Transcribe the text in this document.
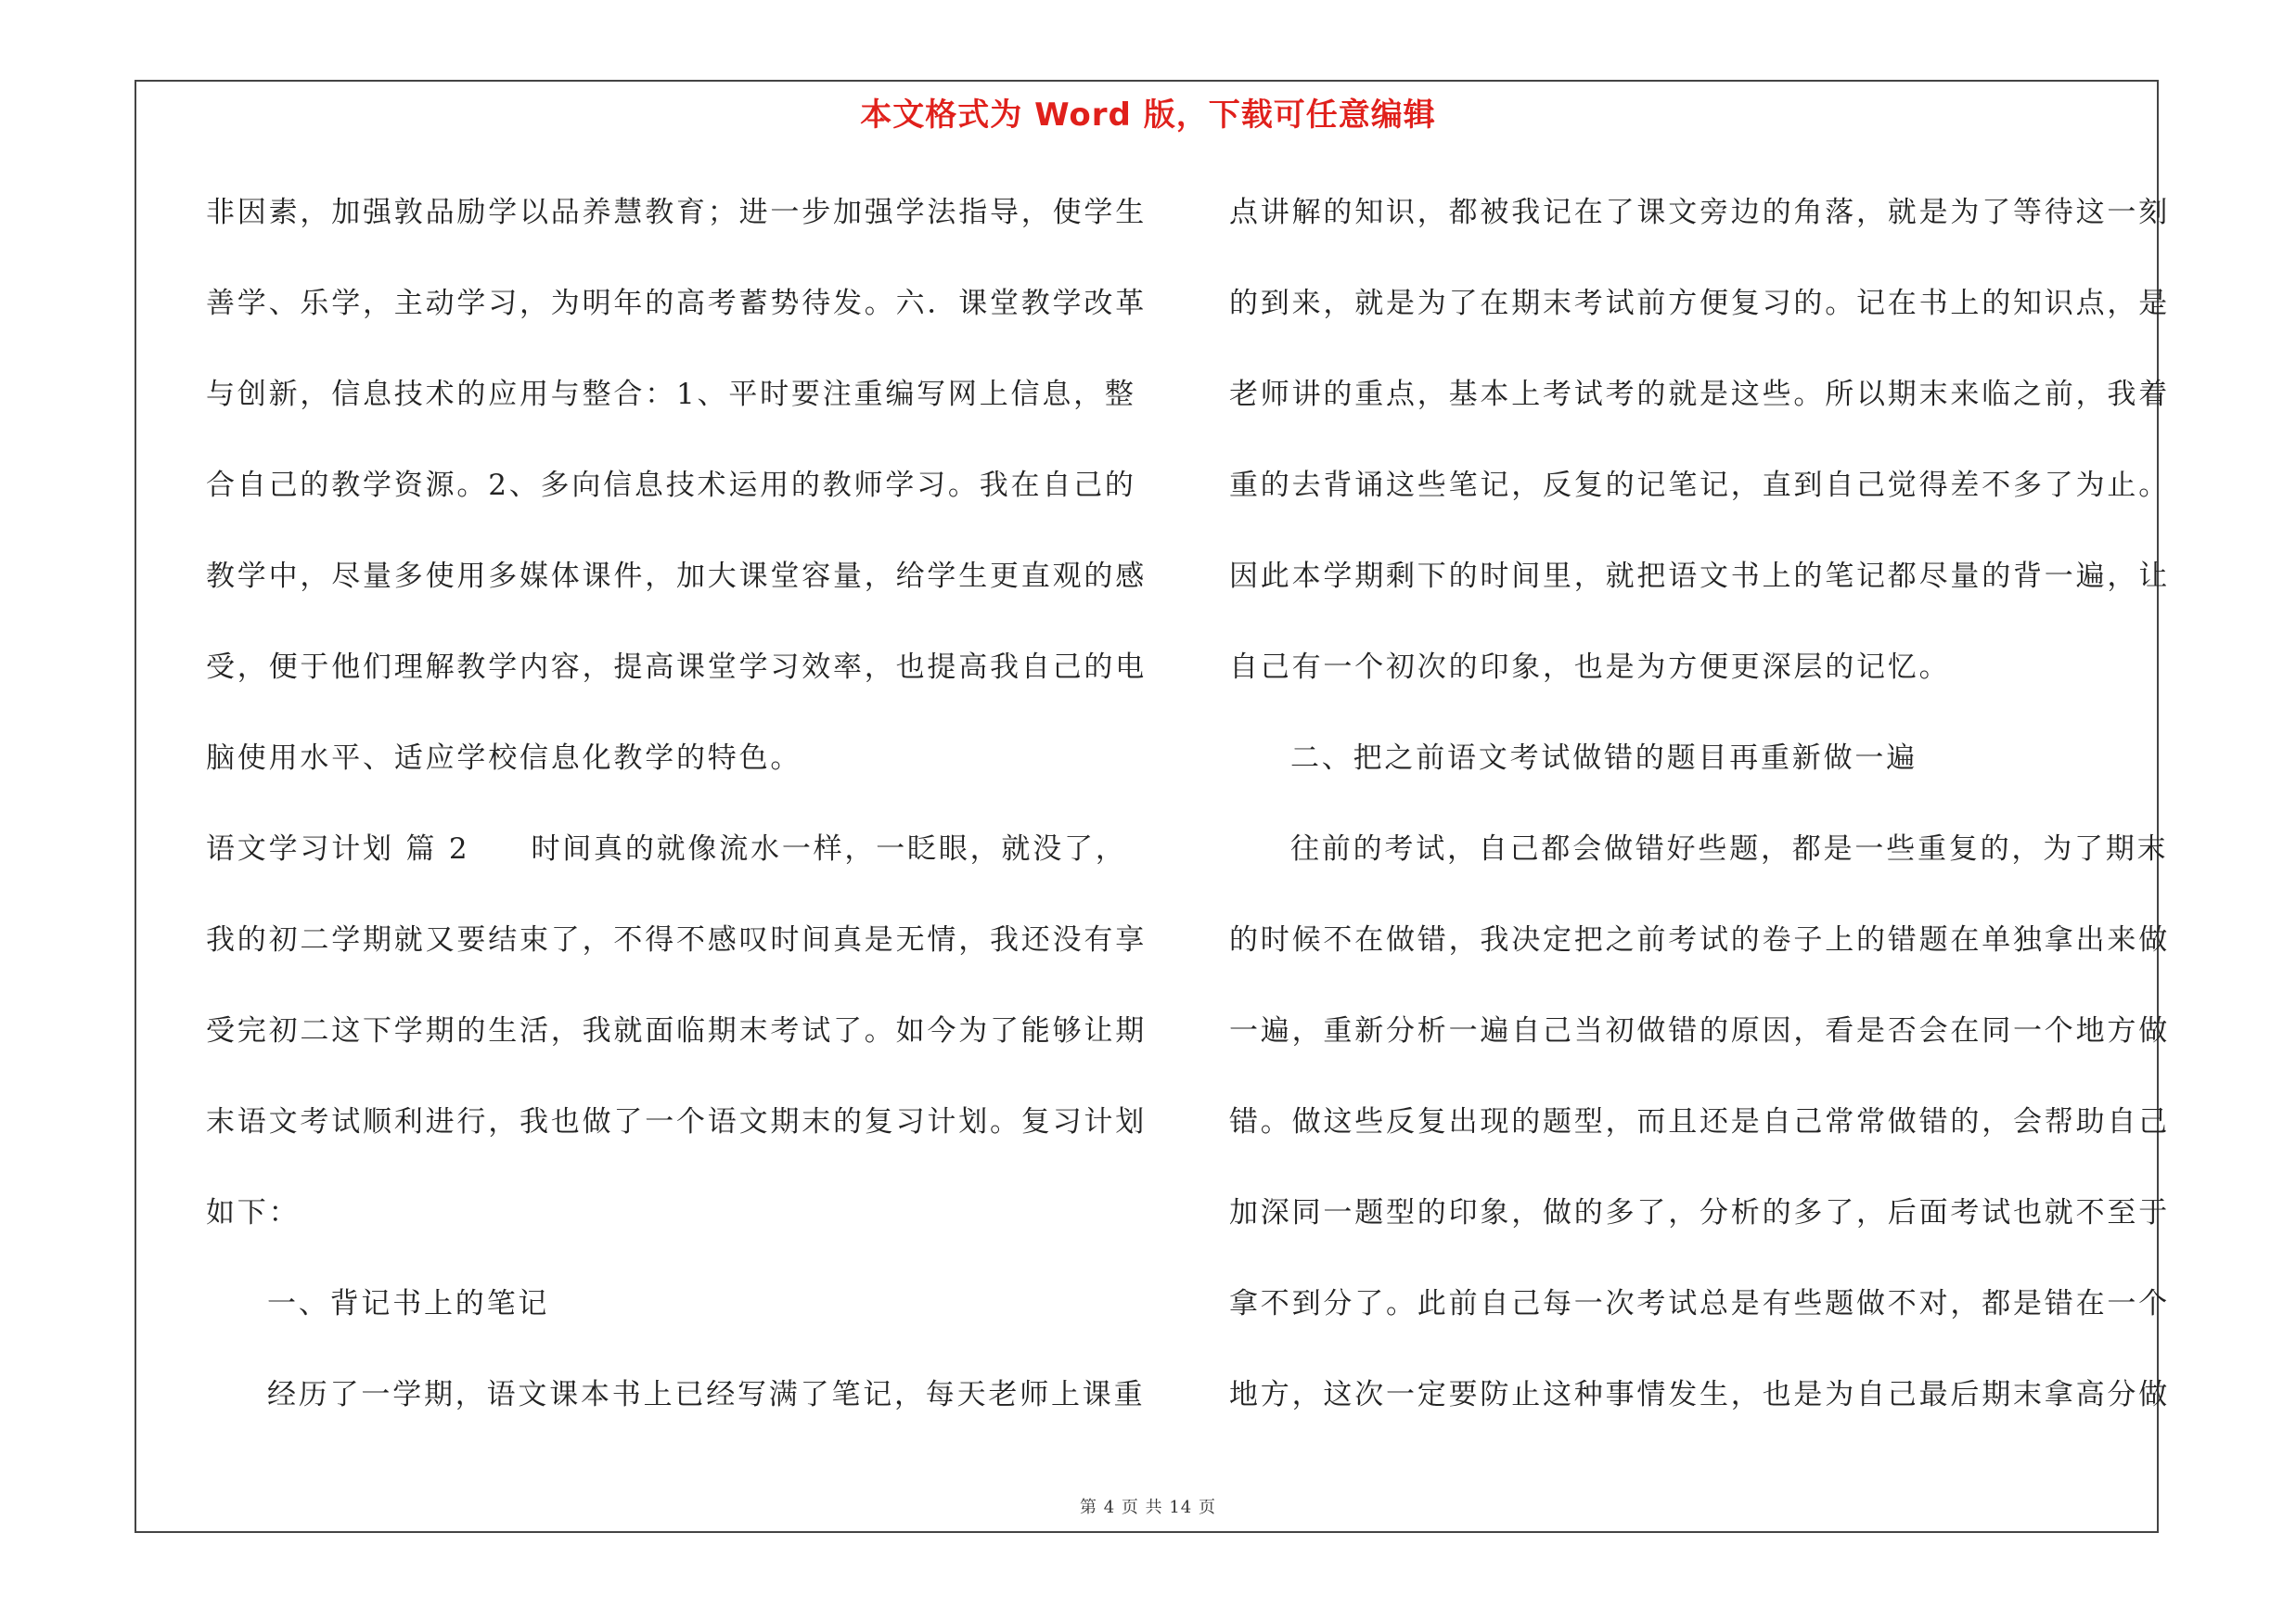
本文格式为 Word 版，下载可任意编辑
非因素，加强敦品励学以品养慧教育；进一步加强学法指导，使学生
善学、乐学，主动学习，为明年的高考蓄势待发。六．课堂教学改革
与创新，信息技术的应用与整合：1、平时要注重编写网上信息，整
合自己的教学资源。2、多向信息技术运用的教师学习。我在自己的
教学中，尽量多使用多媒体课件，加大课堂容量，给学生更直观的感
受，便于他们理解教学内容，提高课堂学习效率，也提高我自己的电
脑使用水平、适应学校信息化教学的特色。
语文学习计划 篇 2 时间真的就像流水一样，一眨眼，就没了，
我的初二学期就又要结束了，不得不感叹时间真是无情，我还没有享
受完初二这下学期的生活，我就面临期末考试了。如今为了能够让期
末语文考试顺利进行，我也做了一个语文期末的复习计划。复习计划
如下：
一、背记书上的笔记
经历了一学期，语文课本书上已经写满了笔记，每天老师上课重
点讲解的知识，都被我记在了课文旁边的角落，就是为了等待这一刻
的到来，就是为了在期末考试前方便复习的。记在书上的知识点，是
老师讲的重点，基本上考试考的就是这些。所以期末来临之前，我着
重的去背诵这些笔记，反复的记笔记，直到自己觉得差不多了为止。
因此本学期剩下的时间里，就把语文书上的笔记都尽量的背一遍，让
自己有一个初次的印象，也是为方便更深层的记忆。
二、把之前语文考试做错的题目再重新做一遍
往前的考试，自己都会做错好些题，都是一些重复的，为了期末
的时候不在做错，我决定把之前考试的卷子上的错题在单独拿出来做
一遍，重新分析一遍自己当初做错的原因，看是否会在同一个地方做
错。做这些反复出现的题型，而且还是自己常常做错的，会帮助自己
加深同一题型的印象，做的多了，分析的多了，后面考试也就不至于
拿不到分了。此前自己每一次考试总是有些题做不对，都是错在一个
地方，这次一定要防止这种事情发生，也是为自己最后期末拿高分做
第 4 页 共 14 页
